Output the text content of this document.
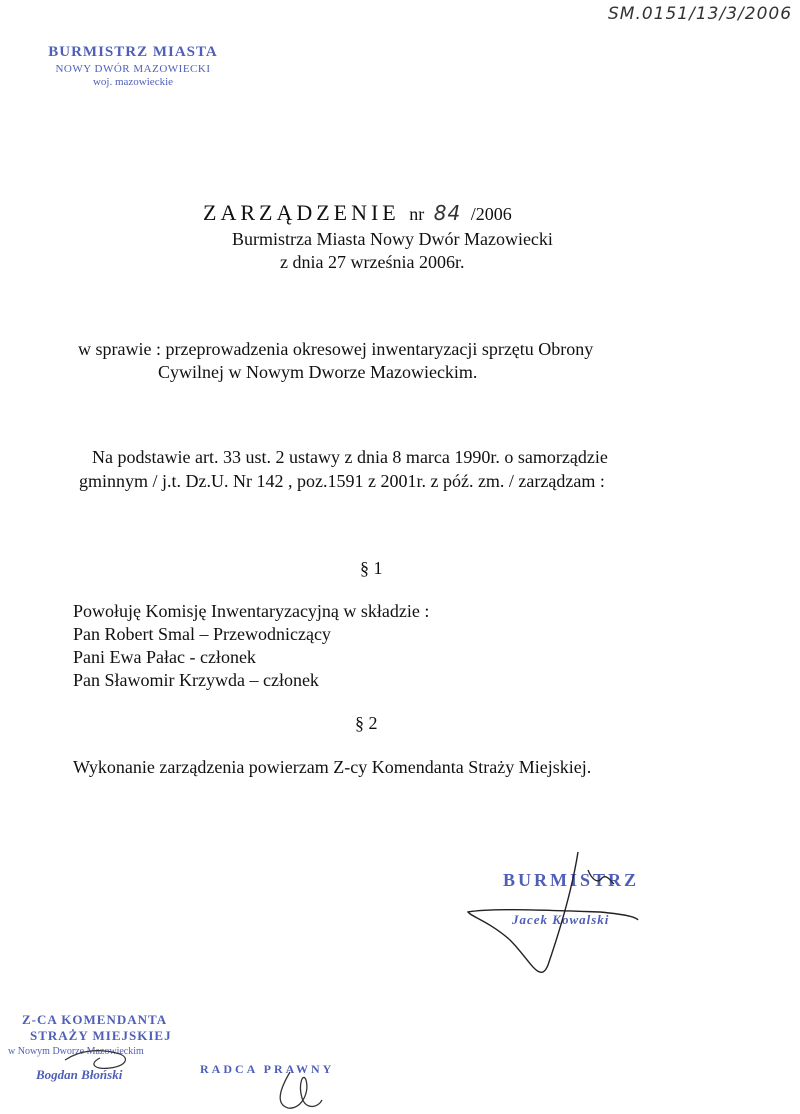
SM.0151/13/3/2006
BURMISTRZ MIASTA
NOWY DWÓR MAZOWIECKI
woj. mazowieckie
ZARZĄDZENIE nr 84 /2006
Burmistrza Miasta Nowy Dwór Mazowiecki
z dnia 27 września 2006r.
w sprawie : przeprowadzenia okresowej inwentaryzacji sprzętu Obrony
Cywilnej w Nowym Dworze Mazowieckim.
Na podstawie art. 33 ust. 2 ustawy z dnia 8 marca 1990r. o samorządzie
gminnym / j.t. Dz.U. Nr 142 , poz.1591 z 2001r. z póź. zm. / zarządzam :
§ 1
Powołuję Komisję Inwentaryzacyjną w składzie :
Pan Robert Smal – Przewodniczący
Pani Ewa Pałac - członek
Pan Sławomir Krzywda – członek
§ 2
Wykonanie zarządzenia powierzam Z-cy Komendanta Straży Miejskiej.
BURMISTRZ
Jacek Kowalski
Z-CA KOMENDANTA
STRAŻY MIEJSKIEJ
w Nowym Dworze Mazowieckim
Bogdan Błoński	RADCA PRAWNY
